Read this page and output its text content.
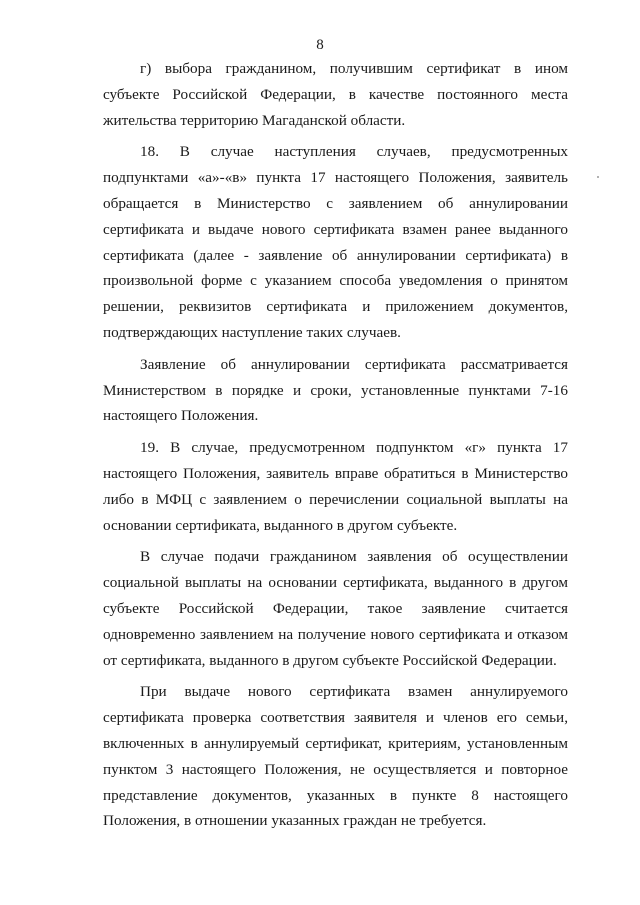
8

г) выбора гражданином, получившим сертификат в ином субъекте Российской Федерации, в качестве постоянного места жительства территорию Магаданской области.

18. В случае наступления случаев, предусмотренных подпунктами «а»-«в» пункта 17 настоящего Положения, заявитель обращается в Министерство с заявлением об аннулировании сертификата и выдаче нового сертификата взамен ранее выданного сертификата (далее - заявление об аннулировании сертификата) в произвольной форме с указанием способа уведомления о принятом решении, реквизитов сертификата и приложением документов, подтверждающих наступление таких случаев.

Заявление об аннулировании сертификата рассматривается Министерством в порядке и сроки, установленные пунктами 7-16 настоящего Положения.

19. В случае, предусмотренном подпунктом «г» пункта 17 настоящего Положения, заявитель вправе обратиться в Министерство либо в МФЦ с заявлением о перечислении социальной выплаты на основании сертификата, выданного в другом субъекте.

В случае подачи гражданином заявления об осуществлении социальной выплаты на основании сертификата, выданного в другом субъекте Российской Федерации, такое заявление считается одновременно заявлением на получение нового сертификата и отказом от сертификата, выданного в другом субъекте Российской Федерации.

При выдаче нового сертификата взамен аннулируемого сертификата проверка соответствия заявителя и членов его семьи, включенных в аннулируемый сертификат, критериям, установленным пунктом 3 настоящего Положения, не осуществляется и повторное представление документов, указанных в пункте 8 настоящего Положения, в отношении указанных граждан не требуется.
